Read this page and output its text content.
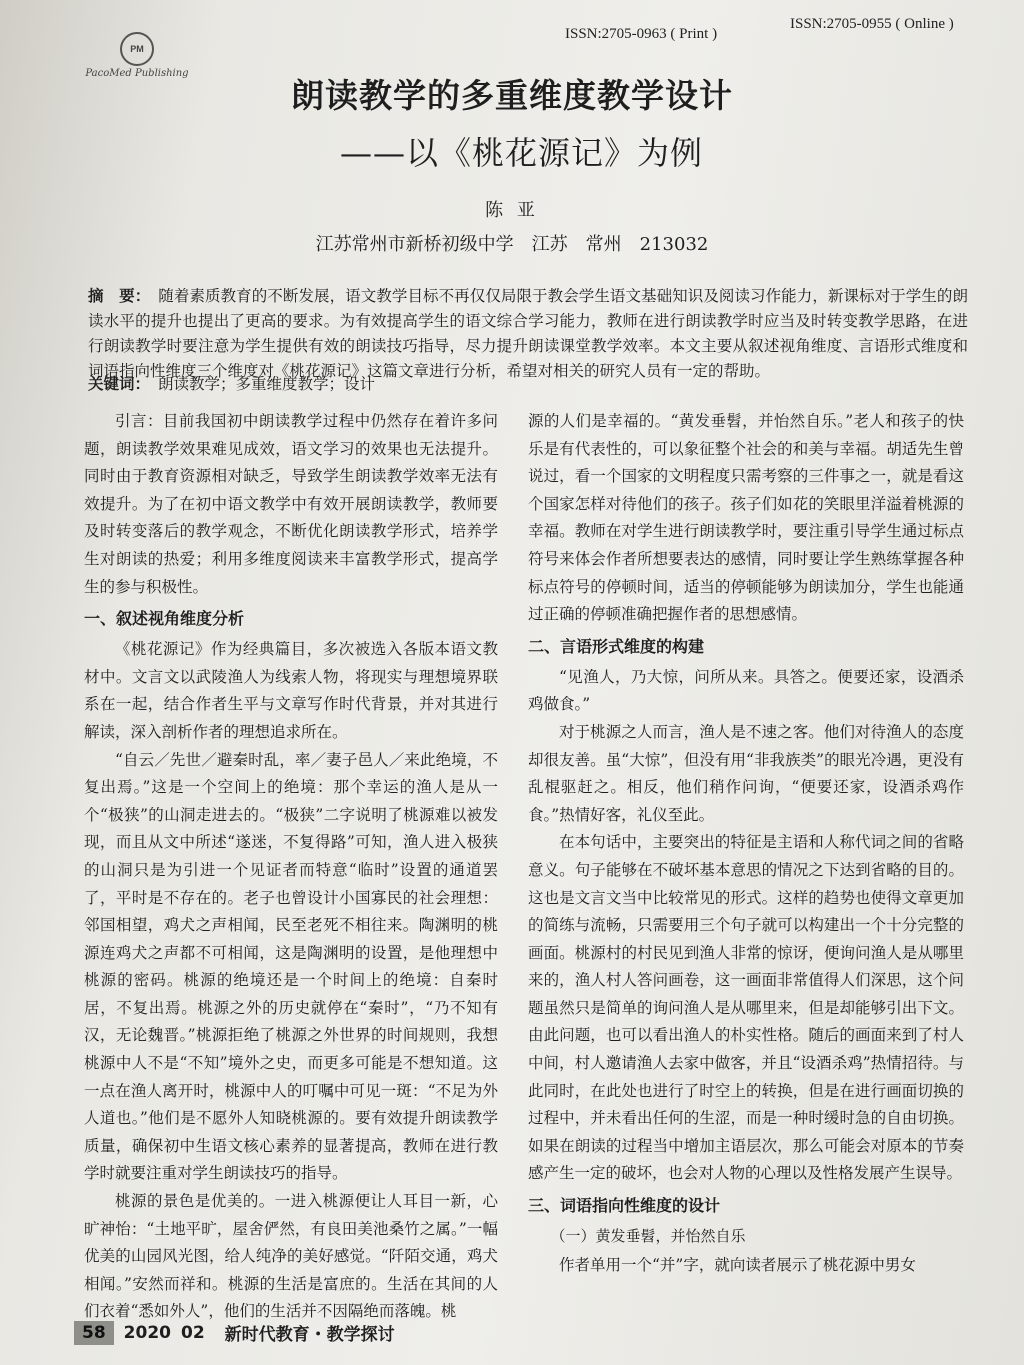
PM
PacoMed Publishing
ISSN:2705-0963 ( Print )
ISSN:2705-0955 ( Online )
朗读教学的多重维度教学设计
——以《桃花源记》为例
陈 亚
江苏常州市新桥初级中学　江苏　常州　213032
摘　要： 随着素质教育的不断发展，语文教学目标不再仅仅局限于教会学生语文基础知识及阅读习作能力，新课标对于学生的朗读水平的提升也提出了更高的要求。为有效提高学生的语文综合学习能力，教师在进行朗读教学时应当及时转变教学思路，在进行朗读教学时要注意为学生提供有效的朗读技巧指导，尽力提升朗读课堂教学效率。本文主要从叙述视角维度、言语形式维度和词语指向性维度三个维度对《桃花源记》这篇文章进行分析，希望对相关的研究人员有一定的帮助。
关键词： 朗读教学；多重维度教学；设计

引言：目前我国初中朗读教学过程中仍然存在着许多问题，朗读教学效果难见成效，语文学习的效果也无法提升。同时由于教育资源相对缺乏，导致学生朗读教学效率无法有效提升。为了在初中语文教学中有效开展朗读教学，教师要及时转变落后的教学观念，不断优化朗读教学形式，培养学生对朗读的热爱；利用多维度阅读来丰富教学形式，提高学生的参与积极性。

一、叙述视角维度分析

《桃花源记》作为经典篇目，多次被选入各版本语文教材中。文言文以武陵渔人为线索人物，将现实与理想境界联系在一起，结合作者生平与文章写作时代背景，并对其进行解读，深入剖析作者的理想追求所在。

“自云／先世／避秦时乱，率／妻子邑人／来此绝境，不复出焉。”这是一个空间上的绝境：那个幸运的渔人是从一个“极狭”的山洞走进去的。“极狭”二字说明了桃源难以被发现，而且从文中所述“遂迷，不复得路”可知，渔人进入极狭的山洞只是为引进一个见证者而特意“临时”设置的通道罢了，平时是不存在的。老子也曾设计小国寡民的社会理想：邻国相望，鸡犬之声相闻，民至老死不相往来。陶渊明的桃源连鸡犬之声都不可相闻，这是陶渊明的设置，是他理想中桃源的密码。桃源的绝境还是一个时间上的绝境：自秦时居，不复出焉。桃源之外的历史就停在“秦时”，“乃不知有汉，无论魏晋。”桃源拒绝了桃源之外世界的时间规则，我想桃源中人不是“不知”境外之史，而更多可能是不想知道。这一点在渔人离开时，桃源中人的叮嘱中可见一斑：“不足为外人道也。”他们是不愿外人知晓桃源的。要有效提升朗读教学质量，确保初中生语文核心素养的显著提高，教师在进行教学时就要注重对学生朗读技巧的指导。

桃源的景色是优美的。一进入桃源便让人耳目一新，心旷神怡：“土地平旷，屋舍俨然，有良田美池桑竹之属。”一幅优美的山园风光图，给人纯净的美好感觉。“阡陌交通，鸡犬相闻。”安然而祥和。桃源的生活是富庶的。生活在其间的人们衣着“悉如外人”，他们的生活并不因隔绝而落魄。桃

源的人们是幸福的。“黄发垂髫，并怡然自乐。”老人和孩子的快乐是有代表性的，可以象征整个社会的和美与幸福。胡适先生曾说过，看一个国家的文明程度只需考察的三件事之一，就是看这个国家怎样对待他们的孩子。孩子们如花的笑眼里洋溢着桃源的幸福。教师在对学生进行朗读教学时，要注重引导学生通过标点符号来体会作者所想要表达的感情，同时要让学生熟练掌握各种标点符号的停顿时间，适当的停顿能够为朗读加分，学生也能通过正确的停顿准确把握作者的思想感情。

二、言语形式维度的构建

“见渔人，乃大惊，问所从来。具答之。便要还家，设酒杀鸡做食。”

对于桃源之人而言，渔人是不速之客。他们对待渔人的态度却很友善。虽“大惊”，但没有用“非我族类”的眼光冷遇，更没有乱棍驱赶之。相反，他们稍作问询，“便要还家，设酒杀鸡作食。”热情好客，礼仪至此。

在本句话中，主要突出的特征是主语和人称代词之间的省略意义。句子能够在不破坏基本意思的情况之下达到省略的目的。这也是文言文当中比较常见的形式。这样的趋势也使得文章更加的简练与流畅，只需要用三个句子就可以构建出一个十分完整的画面。桃源村的村民见到渔人非常的惊讶，便询问渔人是从哪里来的，渔人村人答问画卷，这一画面非常值得人们深思，这个问题虽然只是简单的询问渔人是从哪里来，但是却能够引出下文。由此问题，也可以看出渔人的朴实性格。随后的画面来到了村人中间，村人邀请渔人去家中做客，并且“设酒杀鸡”热情招待。与此同时，在此处也进行了时空上的转换，但是在进行画面切换的过程中，并未看出任何的生涩，而是一种时缓时急的自由切换。如果在朗读的过程当中增加主语层次，那么可能会对原本的节奏感产生一定的破坏，也会对人物的心理以及性格发展产生误导。

三、词语指向性维度的设计
（一）黄发垂髫，并怡然自乐

作者单用一个“并”字，就向读者展示了桃花源中男女

58	2020 02 新时代教育・教学探讨
